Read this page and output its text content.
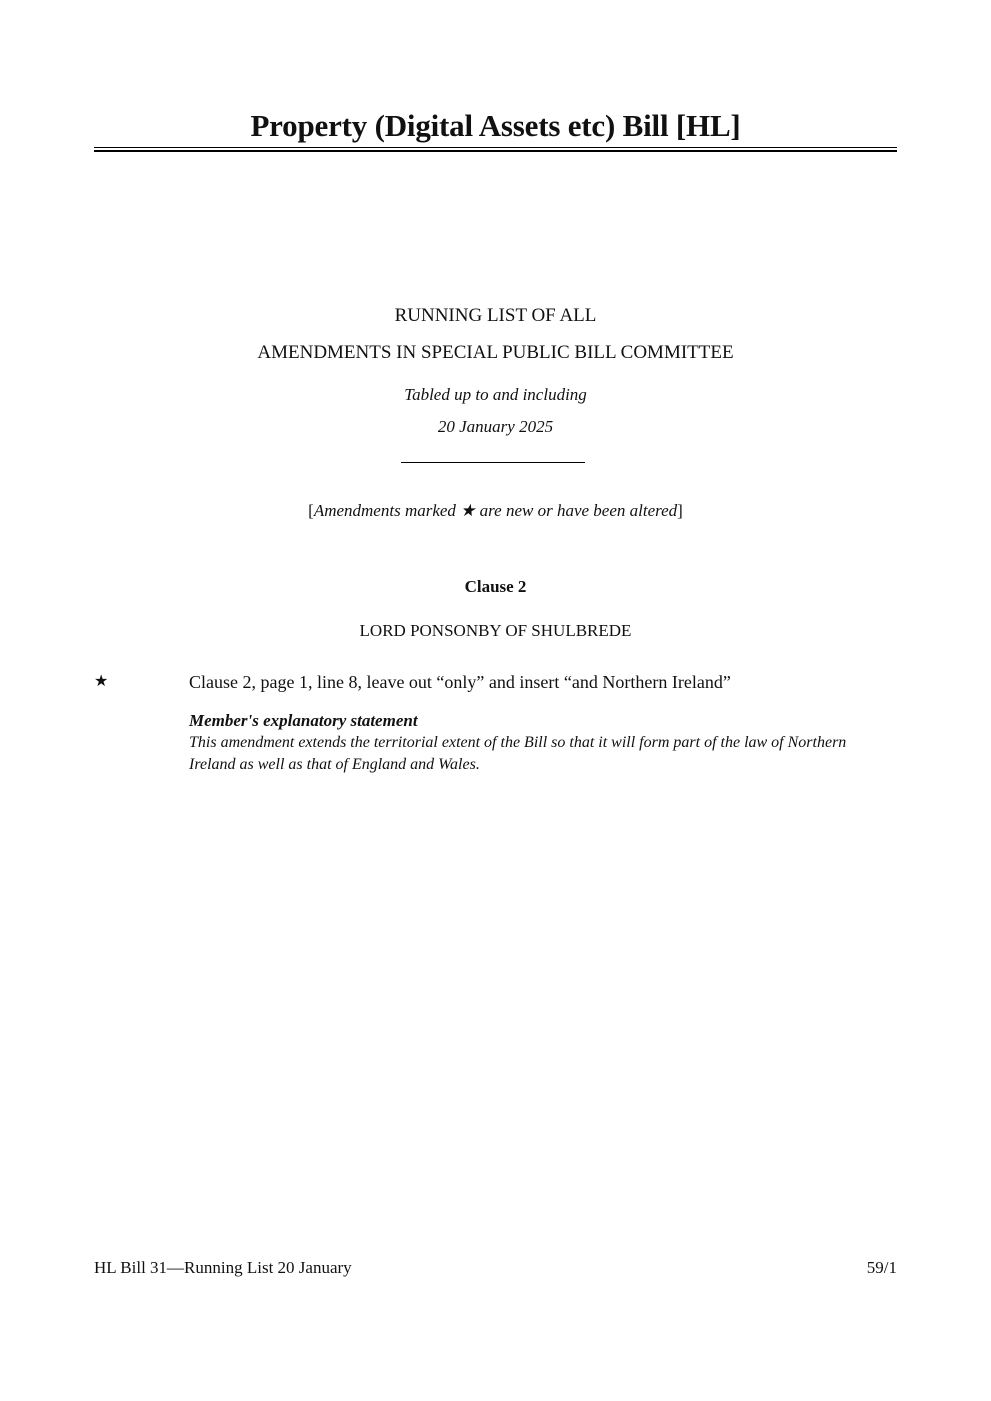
Property (Digital Assets etc) Bill [HL]
RUNNING LIST OF ALL
AMENDMENTS IN SPECIAL PUBLIC BILL COMMITTEE
Tabled up to and including
20 January 2025
[Amendments marked ★ are new or have been altered]
Clause 2
LORD PONSONBY OF SHULBREDE
★	Clause 2, page 1, line 8, leave out “only” and insert “and Northern Ireland”
Member's explanatory statement
This amendment extends the territorial extent of the Bill so that it will form part of the law of Northern Ireland as well as that of England and Wales.
HL Bill 31—Running List 20 January	59/1
